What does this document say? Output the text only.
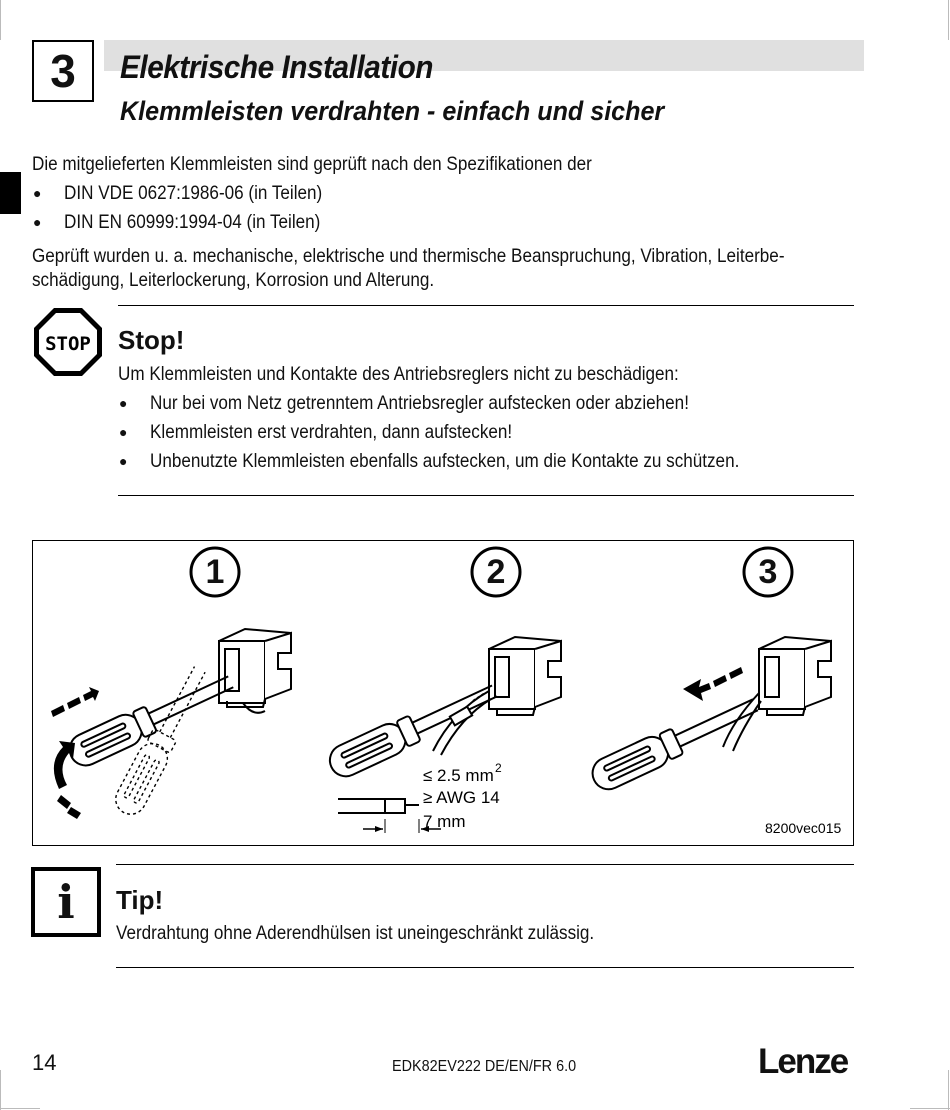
3	Elektrische Installation
Klemmleisten verdrahten - einfach und sicher
Die mitgelieferten Klemmleisten sind geprüft nach den Spezifikationen der
● DIN VDE 0627:1986-06 (in Teilen)
● DIN EN 60999:1994-04 (in Teilen)
Geprüft wurden u. a. mechanische, elektrische und thermische Beanspruchung, Vibration, Leiterbe-
schädigung, Leiterlockerung, Korrosion und Alterung.
STOP Stop!
Um Klemmleisten und Kontakte des Antriebsreglers nicht zu beschädigen:
● Nur bei vom Netz getrenntem Antriebsregler aufstecken oder abziehen!
● Klemmleisten erst verdrahten, dann aufstecken!
● Unbenutzte Klemmleisten ebenfalls aufstecken, um die Kontakte zu schützen.
≤ 2.5 mm 2
≥ AWG 14
7 mm	8200vec015
1	2	3
i	Tip!
Verdrahtung ohne Aderendhülsen ist uneingeschränkt zulässig.
14	EDK82EV222 DE/EN/FR 6.0	Lenze
